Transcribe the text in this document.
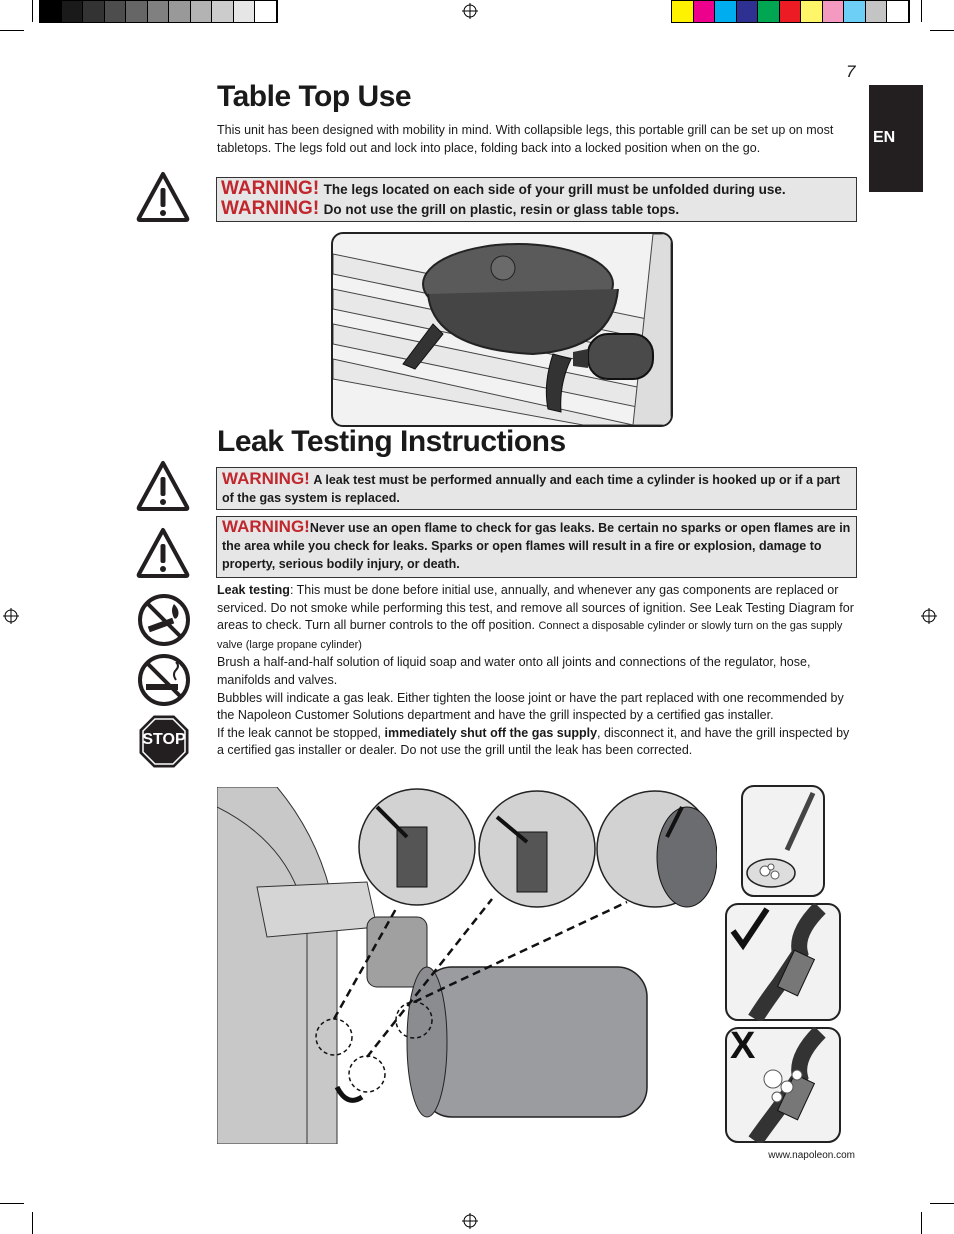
7
EN
Table Top Use
This unit has been designed with mobility in mind. With collapsible legs, this portable grill can be set up on most tabletops. The legs fold out and lock into place, folding back into a locked position when on the go.
WARNING! The legs located on each side of your grill must be unfolded during use.
WARNING! Do not use the grill on plastic, resin or glass table tops.
Leak Testing Instructions
WARNING! A leak test must be performed annually and each time a cylinder is hooked up or if a part of the gas system is replaced.
WARNING!Never use an open flame to check for gas leaks. Be certain no sparks or open flames are in the area while you check for leaks. Sparks or open flames will result in a fire or explosion, damage to property, serious bodily injury, or death.
STOP
Leak testing: This must be done before initial use, annually, and whenever any gas components are replaced or serviced. Do not smoke while performing this test, and remove all sources of ignition. See Leak Testing Diagram for areas to check. Turn all burner controls to the off position. Connect a disposable cylinder or slowly turn on the gas supply valve (large propane cylinder)
Brush a half-and-half solution of liquid soap and water onto all joints and connections of the regulator, hose, manifolds and valves.
Bubbles will indicate a gas leak. Either tighten the loose joint or have the part replaced with one recommended by the Napoleon Customer Solutions department and have the grill inspected by a certified gas installer.
If the leak cannot be stopped, immediately shut off the gas supply, disconnect it, and have the grill inspected by a certified gas installer or dealer. Do not use the grill until the leak has been corrected.
X
www.napoleon.com
